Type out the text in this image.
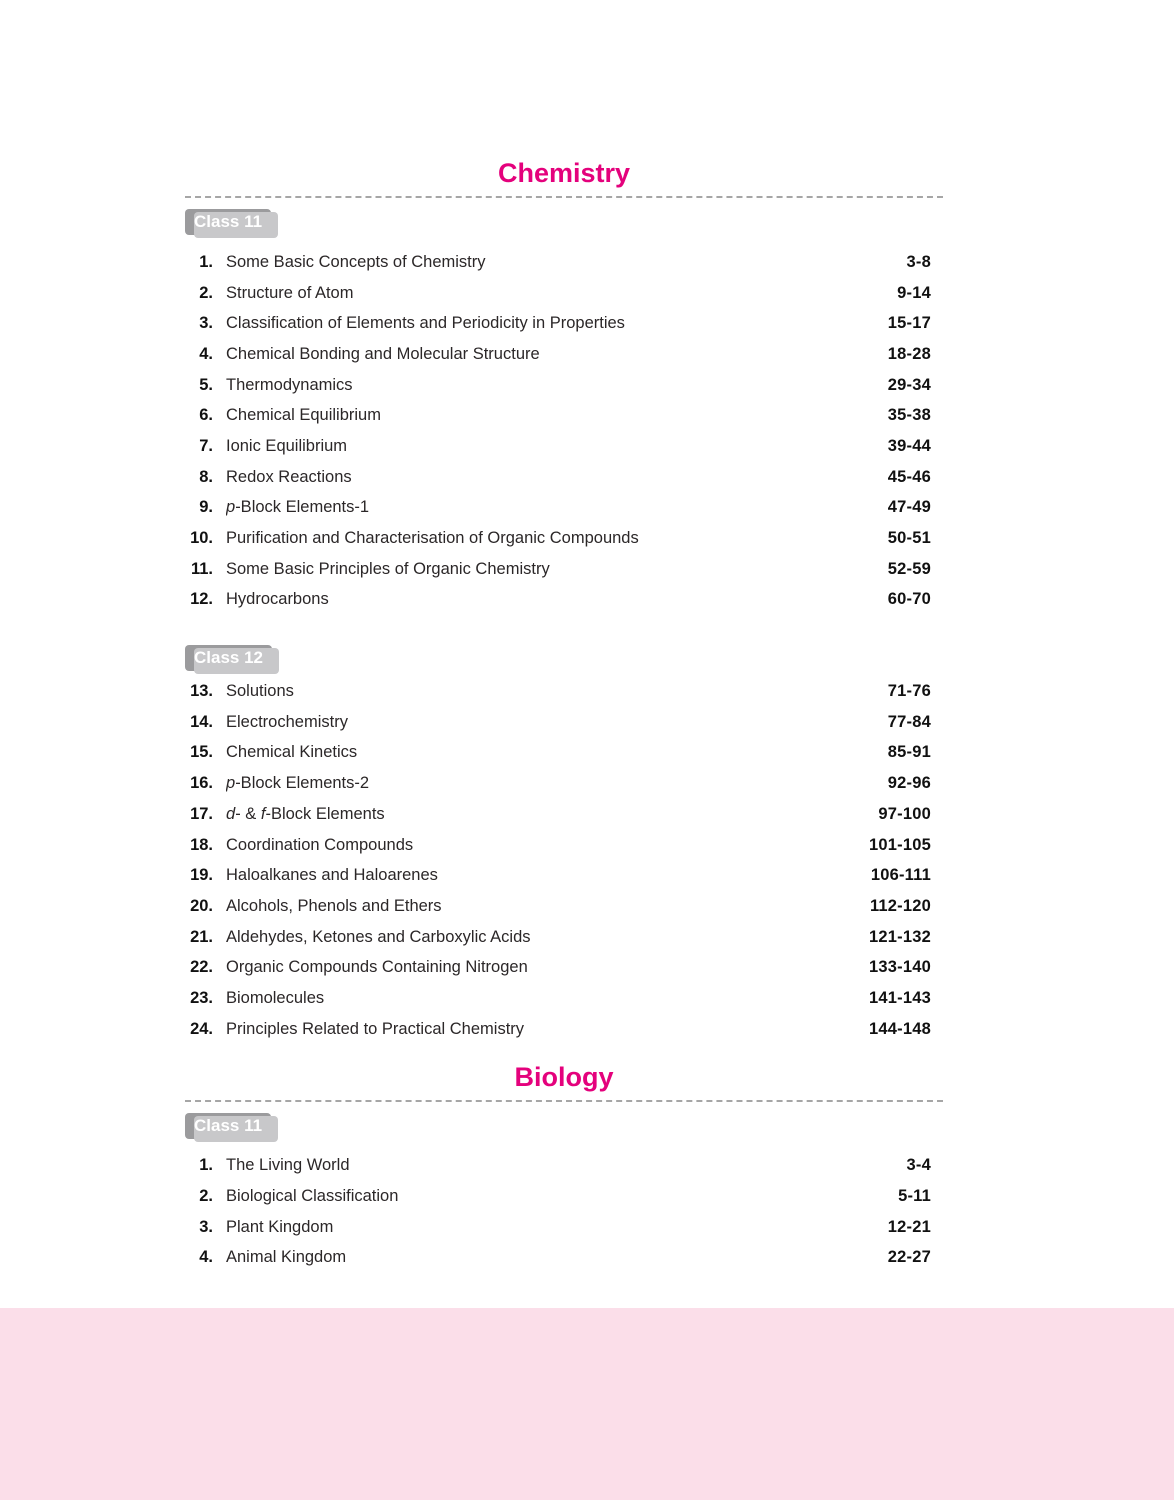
Chemistry
Class 11
1. Some Basic Concepts of Chemistry	3-8
2. Structure of Atom	9-14
3. Classification of Elements and Periodicity in Properties	15-17
4. Chemical Bonding and Molecular Structure	18-28
5. Thermodynamics	29-34
6. Chemical Equilibrium	35-38
7. Ionic Equilibrium	39-44
8. Redox Reactions	45-46
9. p-Block Elements-1	47-49
10. Purification and Characterisation of Organic Compounds	50-51
11. Some Basic Principles of Organic Chemistry	52-59
12. Hydrocarbons	60-70
Class 12
13. Solutions	71-76
14. Electrochemistry	77-84
15. Chemical Kinetics	85-91
16. p-Block Elements-2	92-96
17. d- & f-Block Elements	97-100
18. Coordination Compounds	101-105
19. Haloalkanes and Haloarenes	106-111
20. Alcohols, Phenols and Ethers	112-120
21. Aldehydes, Ketones and Carboxylic Acids	121-132
22. Organic Compounds Containing Nitrogen	133-140
23. Biomolecules	141-143
24. Principles Related to Practical Chemistry	144-148
Biology
Class 11
1. The Living World	3-4
2. Biological Classification	5-11
3. Plant Kingdom	12-21
4. Animal Kingdom	22-27
